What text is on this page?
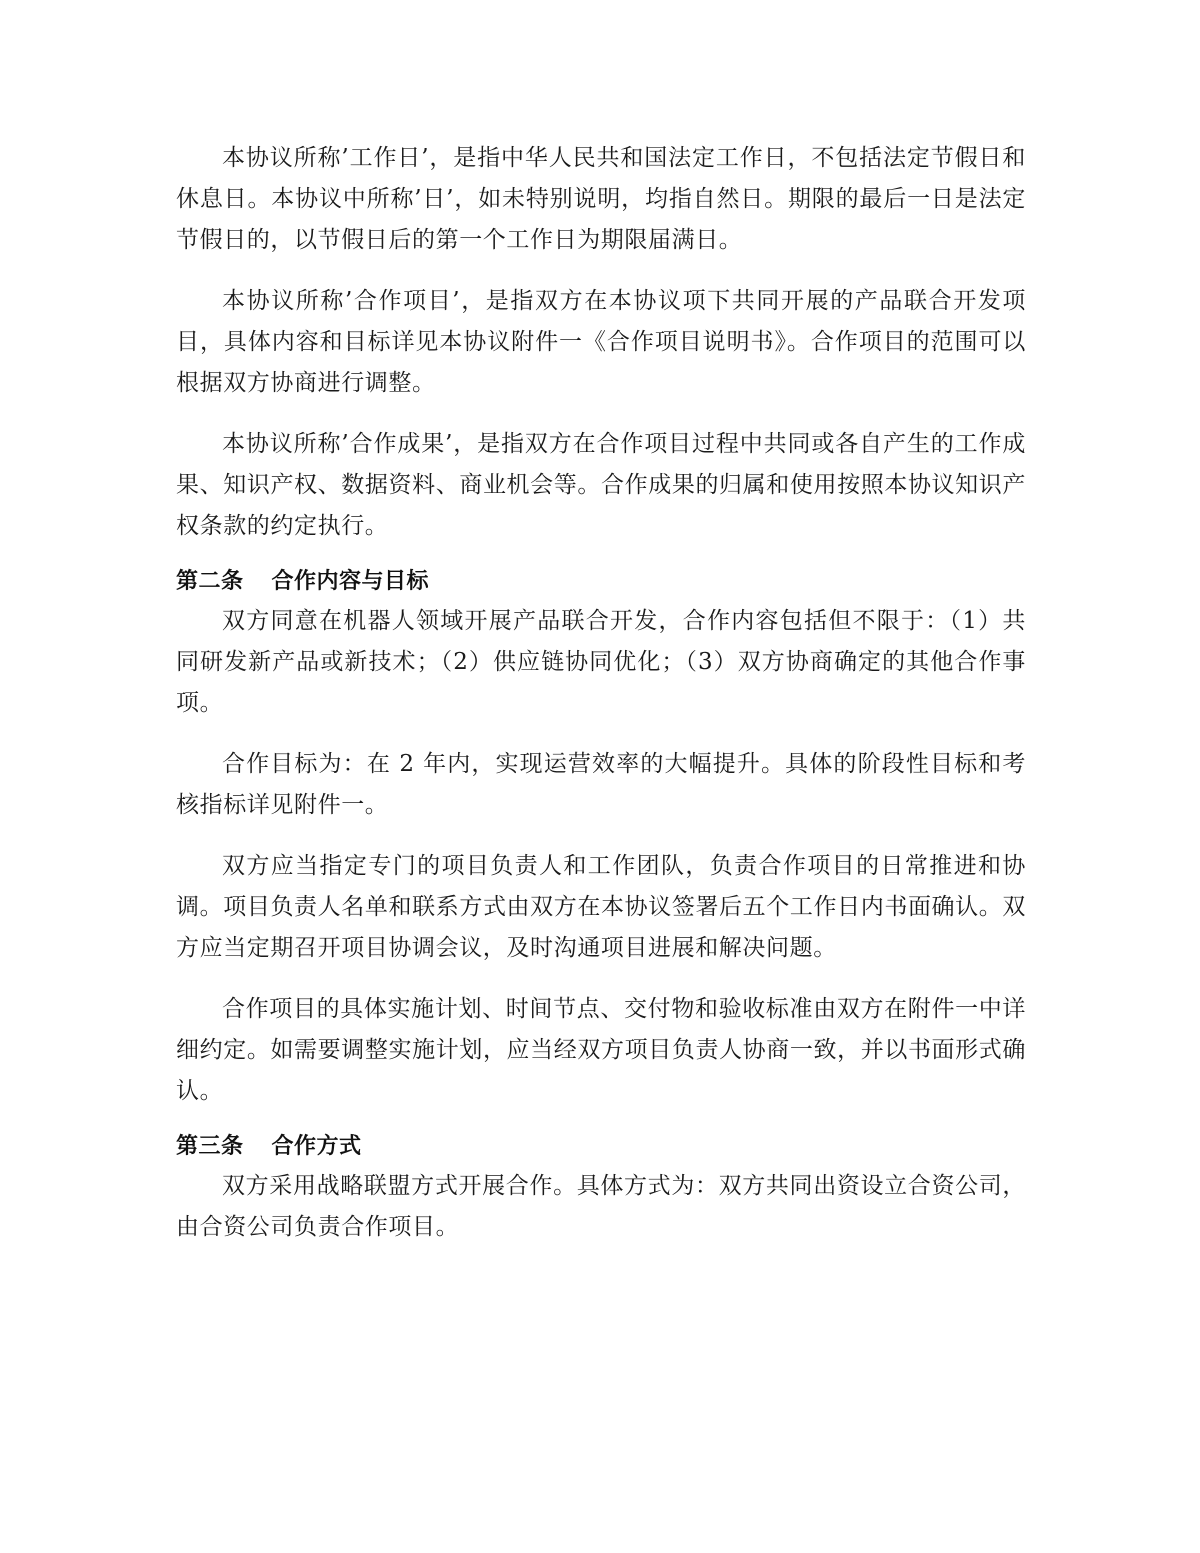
本协议所称’工作日’，是指中华人民共和国法定工作日，不包括法定节假日和休息日。本协议中所称’日’，如未特别说明，均指自然日。期限的最后一日是法定节假日的，以节假日后的第一个工作日为期限届满日。

本协议所称’合作项目’，是指双方在本协议项下共同开展的产品联合开发项目，具体内容和目标详见本协议附件一《合作项目说明书》。合作项目的范围可以根据双方协商进行调整。

本协议所称’合作成果’，是指双方在合作项目过程中共同或各自产生的工作成果、知识产权、数据资料、商业机会等。合作成果的归属和使用按照本协议知识产权条款的约定执行。

第二条 合作内容与目标

双方同意在机器人领域开展产品联合开发，合作内容包括但不限于：（1）共同研发新产品或新技术；（2）供应链协同优化；（3）双方协商确定的其他合作事项。

合作目标为：在 2 年内，实现运营效率的大幅提升。具体的阶段性目标和考核指标详见附件一。

双方应当指定专门的项目负责人和工作团队，负责合作项目的日常推进和协调。项目负责人名单和联系方式由双方在本协议签署后五个工作日内书面确认。双方应当定期召开项目协调会议，及时沟通项目进展和解决问题。

合作项目的具体实施计划、时间节点、交付物和验收标准由双方在附件一中详细约定。如需要调整实施计划，应当经双方项目负责人协商一致，并以书面形式确认。

第三条 合作方式

双方采用战略联盟方式开展合作。具体方式为：双方共同出资设立合资公司，由合资公司负责合作项目。
